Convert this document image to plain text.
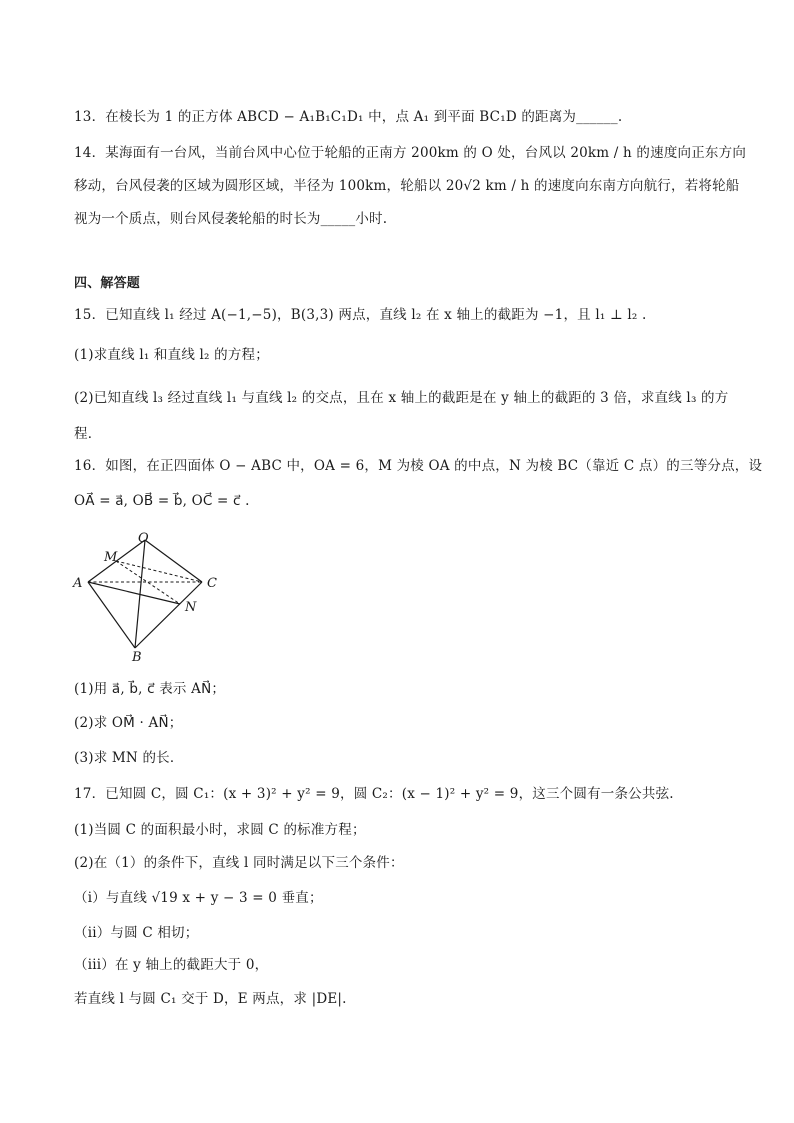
13．在棱长为 1 的正方体 ABCD − A₁B₁C₁D₁ 中，点 A₁ 到平面 BC₁D 的距离为______.
14．某海面有一台风，当前台风中心位于轮船的正南方 200km 的 O 处，台风以 20km / h 的速度向正东方向
移动，台风侵袭的区域为圆形区域，半径为 100km，轮船以 20√2 km / h 的速度向东南方向航行，若将轮船
视为一个质点，则台风侵袭轮船的时长为_____小时.
四、解答题
15．已知直线 l₁ 经过 A(−1,−5)，B(3,3) 两点，直线 l₂ 在 x 轴上的截距为 −1，且 l₁ ⊥ l₂ .
(1)求直线 l₁ 和直线 l₂ 的方程；
(2)已知直线 l₃ 经过直线 l₁ 与直线 l₂ 的交点，且在 x 轴上的截距是在 y 轴上的截距的 3 倍，求直线 l₃ 的方
程．
16．如图，在正四面体 O − ABC 中，OA = 6，M 为棱 OA 的中点，N 为棱 BC（靠近 C 点）的三等分点，设
OA⃗ = a⃗, OB⃗ = b⃗, OC⃗ = c⃗ .
O
M
A	C
N
B
(1)用 a⃗, b⃗, c⃗ 表示 AN⃗；
(2)求 OM⃗ · AN⃗；
(3)求 MN 的长．
17．已知圆 C，圆 C₁：(x + 3)² + y² = 9，圆 C₂：(x − 1)² + y² = 9，这三个圆有一条公共弦.
(1)当圆 C 的面积最小时，求圆 C 的标准方程；
(2)在（1）的条件下，直线 l 同时满足以下三个条件：
（i）与直线 √19 x + y − 3 = 0 垂直；
（ii）与圆 C 相切；
（iii）在 y 轴上的截距大于 0，
若直线 l 与圆 C₁ 交于 D，E 两点，求 |DE|.
